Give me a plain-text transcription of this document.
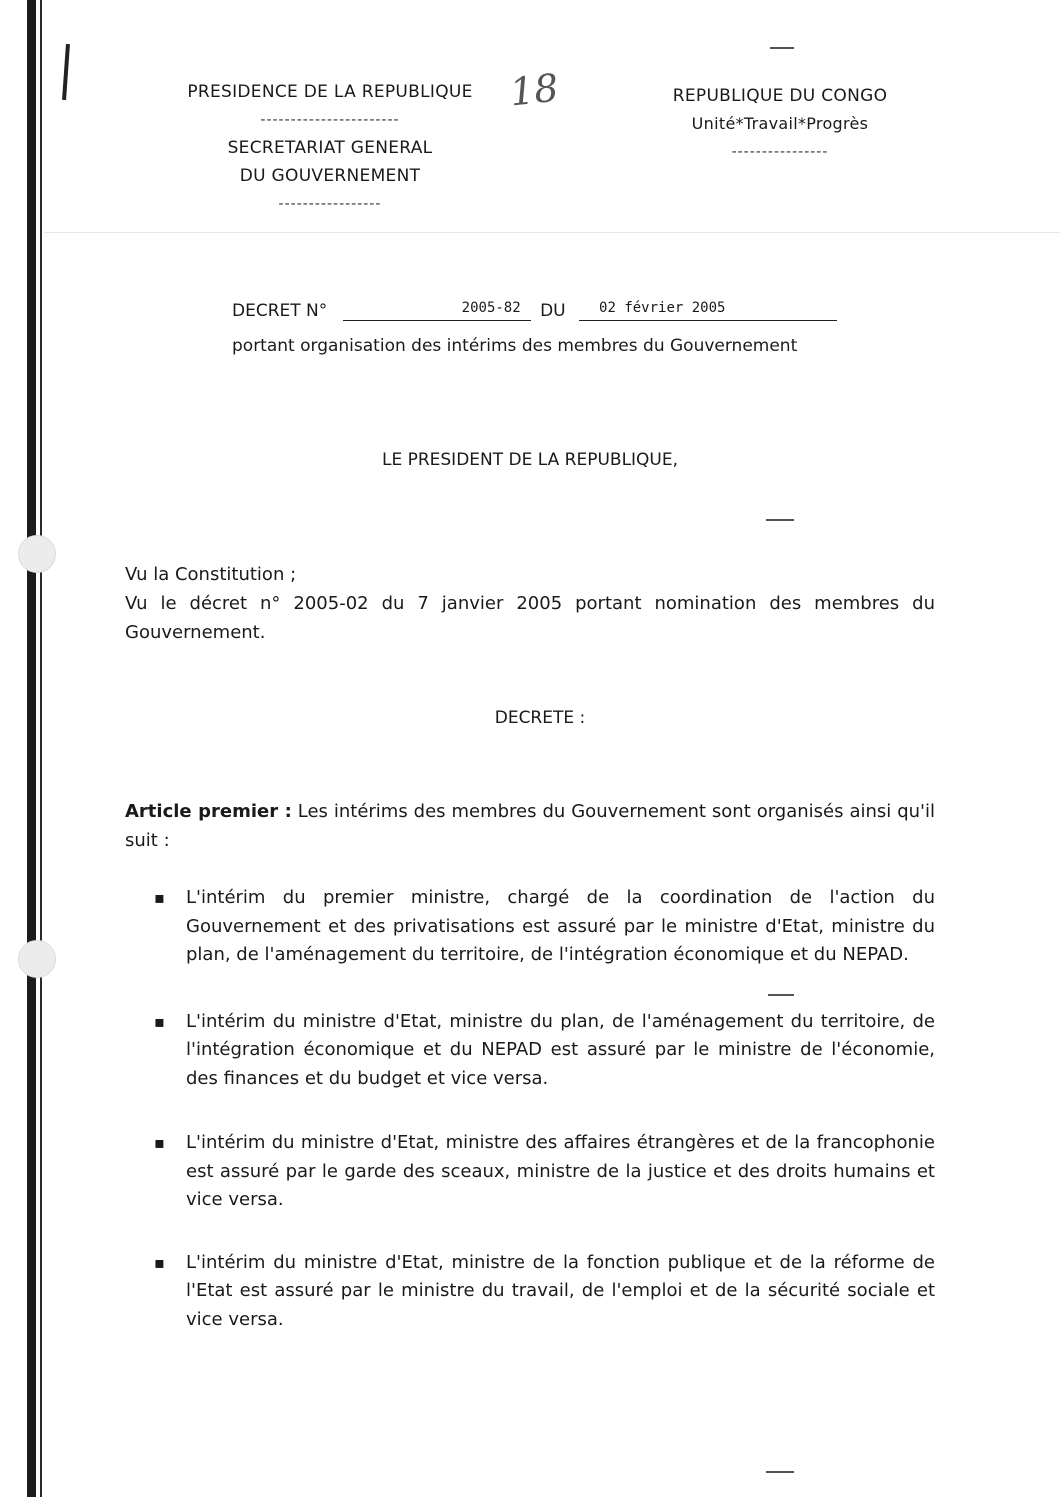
PRESIDENCE DE LA REPUBLIQUE
-----------------------
SECRETARIAT GENERAL
DU GOUVERNEMENT
-----------------
18	REPUBLIQUE DU CONGO
Unité*Travail*Progrès
----------------
DECRET N°	2005-82 DU 02 février 2005
portant organisation des intérims des membres du Gouvernement
LE PRESIDENT DE LA REPUBLIQUE,
Vu la Constitution ;
Vu le décret n° 2005-02 du 7 janvier 2005 portant nomination des membres du Gouvernement.
DECRETE :
Article premier : Les intérims des membres du Gouvernement sont organisés ainsi qu'il suit :
▪ L'intérim du premier ministre, chargé de la coordination de l'action du Gouvernement et des privatisations est assuré par le ministre d'Etat, ministre du plan, de l'aménagement du territoire, de l'intégration économique et du NEPAD.
▪ L'intérim du ministre d'Etat, ministre du plan, de l'aménagement du territoire, de l'intégration économique et du NEPAD est assuré par le ministre de l'économie, des finances et du budget et vice versa.
▪ L'intérim du ministre d'Etat, ministre des affaires étrangères et de la francophonie est assuré par le garde des sceaux, ministre de la justice et des droits humains et vice versa.
▪ L'intérim du ministre d'Etat, ministre de la fonction publique et de la réforme de l'Etat est assuré par le ministre du travail, de l'emploi et de la sécurité sociale et vice versa.
